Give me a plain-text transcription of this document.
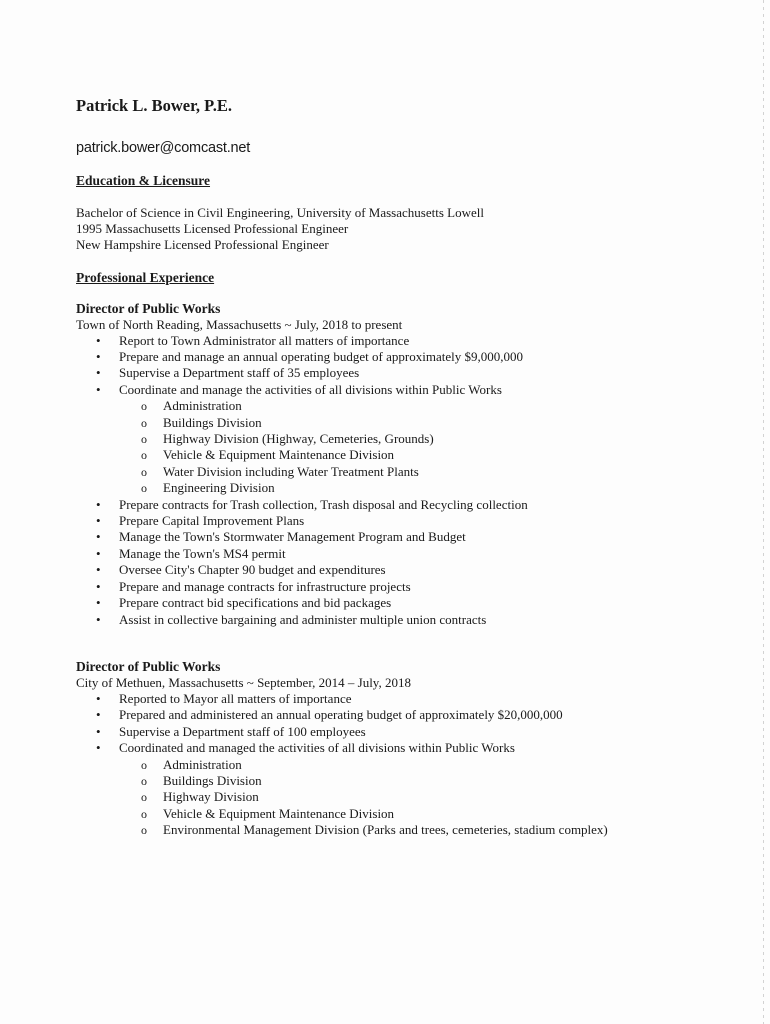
Patrick L. Bower, P.E.
patrick.bower@comcast.net
Education & Licensure
Bachelor of Science in Civil Engineering, University of Massachusetts Lowell
1995 Massachusetts Licensed Professional Engineer
New Hampshire Licensed Professional Engineer
Professional Experience
Director of Public Works
Town of North Reading, Massachusetts ~ July, 2018 to present
• Report to Town Administrator all matters of importance
• Prepare and manage an annual operating budget of approximately $9,000,000
• Supervise a Department staff of 35 employees
• Coordinate and manage the activities of all divisions within Public Works
o Administration
o Buildings Division
o Highway Division (Highway, Cemeteries, Grounds)
o Vehicle & Equipment Maintenance Division
o Water Division including Water Treatment Plants
o Engineering Division
• Prepare contracts for Trash collection, Trash disposal and Recycling collection
• Prepare Capital Improvement Plans
• Manage the Town's Stormwater Management Program and Budget
• Manage the Town's MS4 permit
• Oversee City's Chapter 90 budget and expenditures
• Prepare and manage contracts for infrastructure projects
• Prepare contract bid specifications and bid packages
• Assist in collective bargaining and administer multiple union contracts
Director of Public Works
City of Methuen, Massachusetts ~ September, 2014 – July, 2018
• Reported to Mayor all matters of importance
• Prepared and administered an annual operating budget of approximately $20,000,000
• Supervise a Department staff of 100 employees
• Coordinated and managed the activities of all divisions within Public Works
o Administration
o Buildings Division
o Highway Division
o Vehicle & Equipment Maintenance Division
o Environmental Management Division (Parks and trees, cemeteries, stadium complex)
